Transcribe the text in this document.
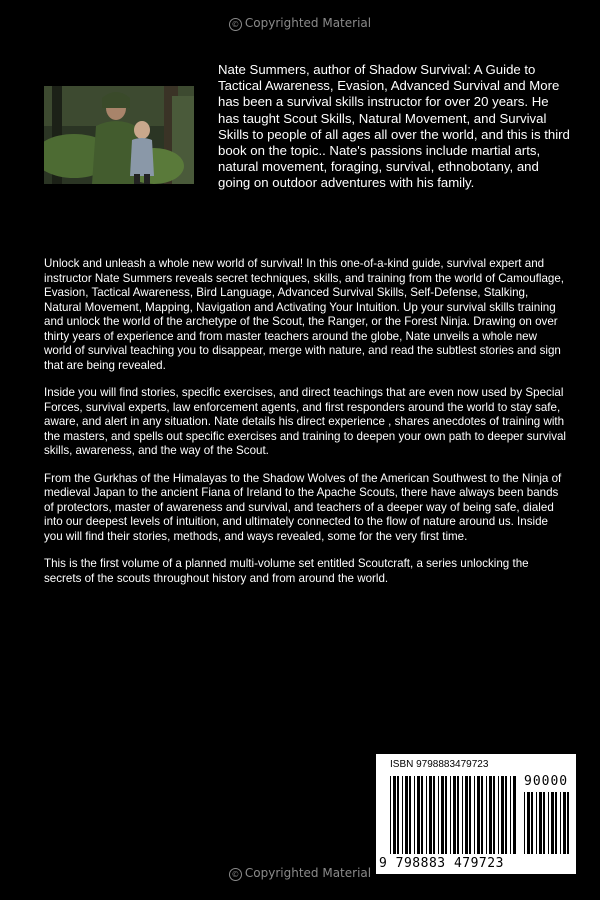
© Copyrighted Material
Nate Summers, author of Shadow Survival: A Guide to Tactical Awareness, Evasion, Advanced Survival and More has been a survival skills instructor for over 20 years. He has taught Scout Skills, Natural Movement, and Survival Skills to people of all ages all over the world, and this is third book on the topic.. Nate's passions include martial arts, natural movement, foraging, survival, ethnobotany, and going on outdoor adventures with his family.

Unlock and unleash a whole new world of survival! In this one-of-a-kind guide, survival expert and instructor Nate Summers reveals secret techniques, skills, and training from the world of Camouflage, Evasion, Tactical Awareness, Bird Language, Advanced Survival Skills, Self-Defense, Stalking, Natural Movement, Mapping, Navigation and Activating Your Intuition. Up your survival skills training and unlock the world of the archetype of the Scout, the Ranger, or the Forest Ninja. Drawing on over thirty years of experience and from master teachers around the globe, Nate unveils a whole new world of survival teaching you to disappear, merge with nature, and read the subtlest stories and sign that are being revealed.

Inside you will find stories, specific exercises, and direct teachings that are even now used by Special Forces, survival experts, law enforcement agents, and first responders around the world to stay safe, aware, and alert in any situation. Nate details his direct experience , shares anecdotes of training with the masters, and spells out specific exercises and training to deepen your own path to deeper survival skills, awareness, and the way of the Scout.

From the Gurkhas of the Himalayas to the Shadow Wolves of the American Southwest to the Ninja of medieval Japan to the ancient Fiana of Ireland to the Apache Scouts, there have always been bands of protectors, master of awareness and survival, and teachers of a deeper way of being safe, dialed into our deepest levels of intuition, and ultimately connected to the flow of nature around us. Inside you will find their stories, methods, and ways revealed, some for the very first time.

This is the first volume of a planned multi-volume set entitled Scoutcraft, a series unlocking the secrets of the scouts throughout history and from around the world.

ISBN 9798883479723
90000
9 798883 479723
© Copyrighted Material
